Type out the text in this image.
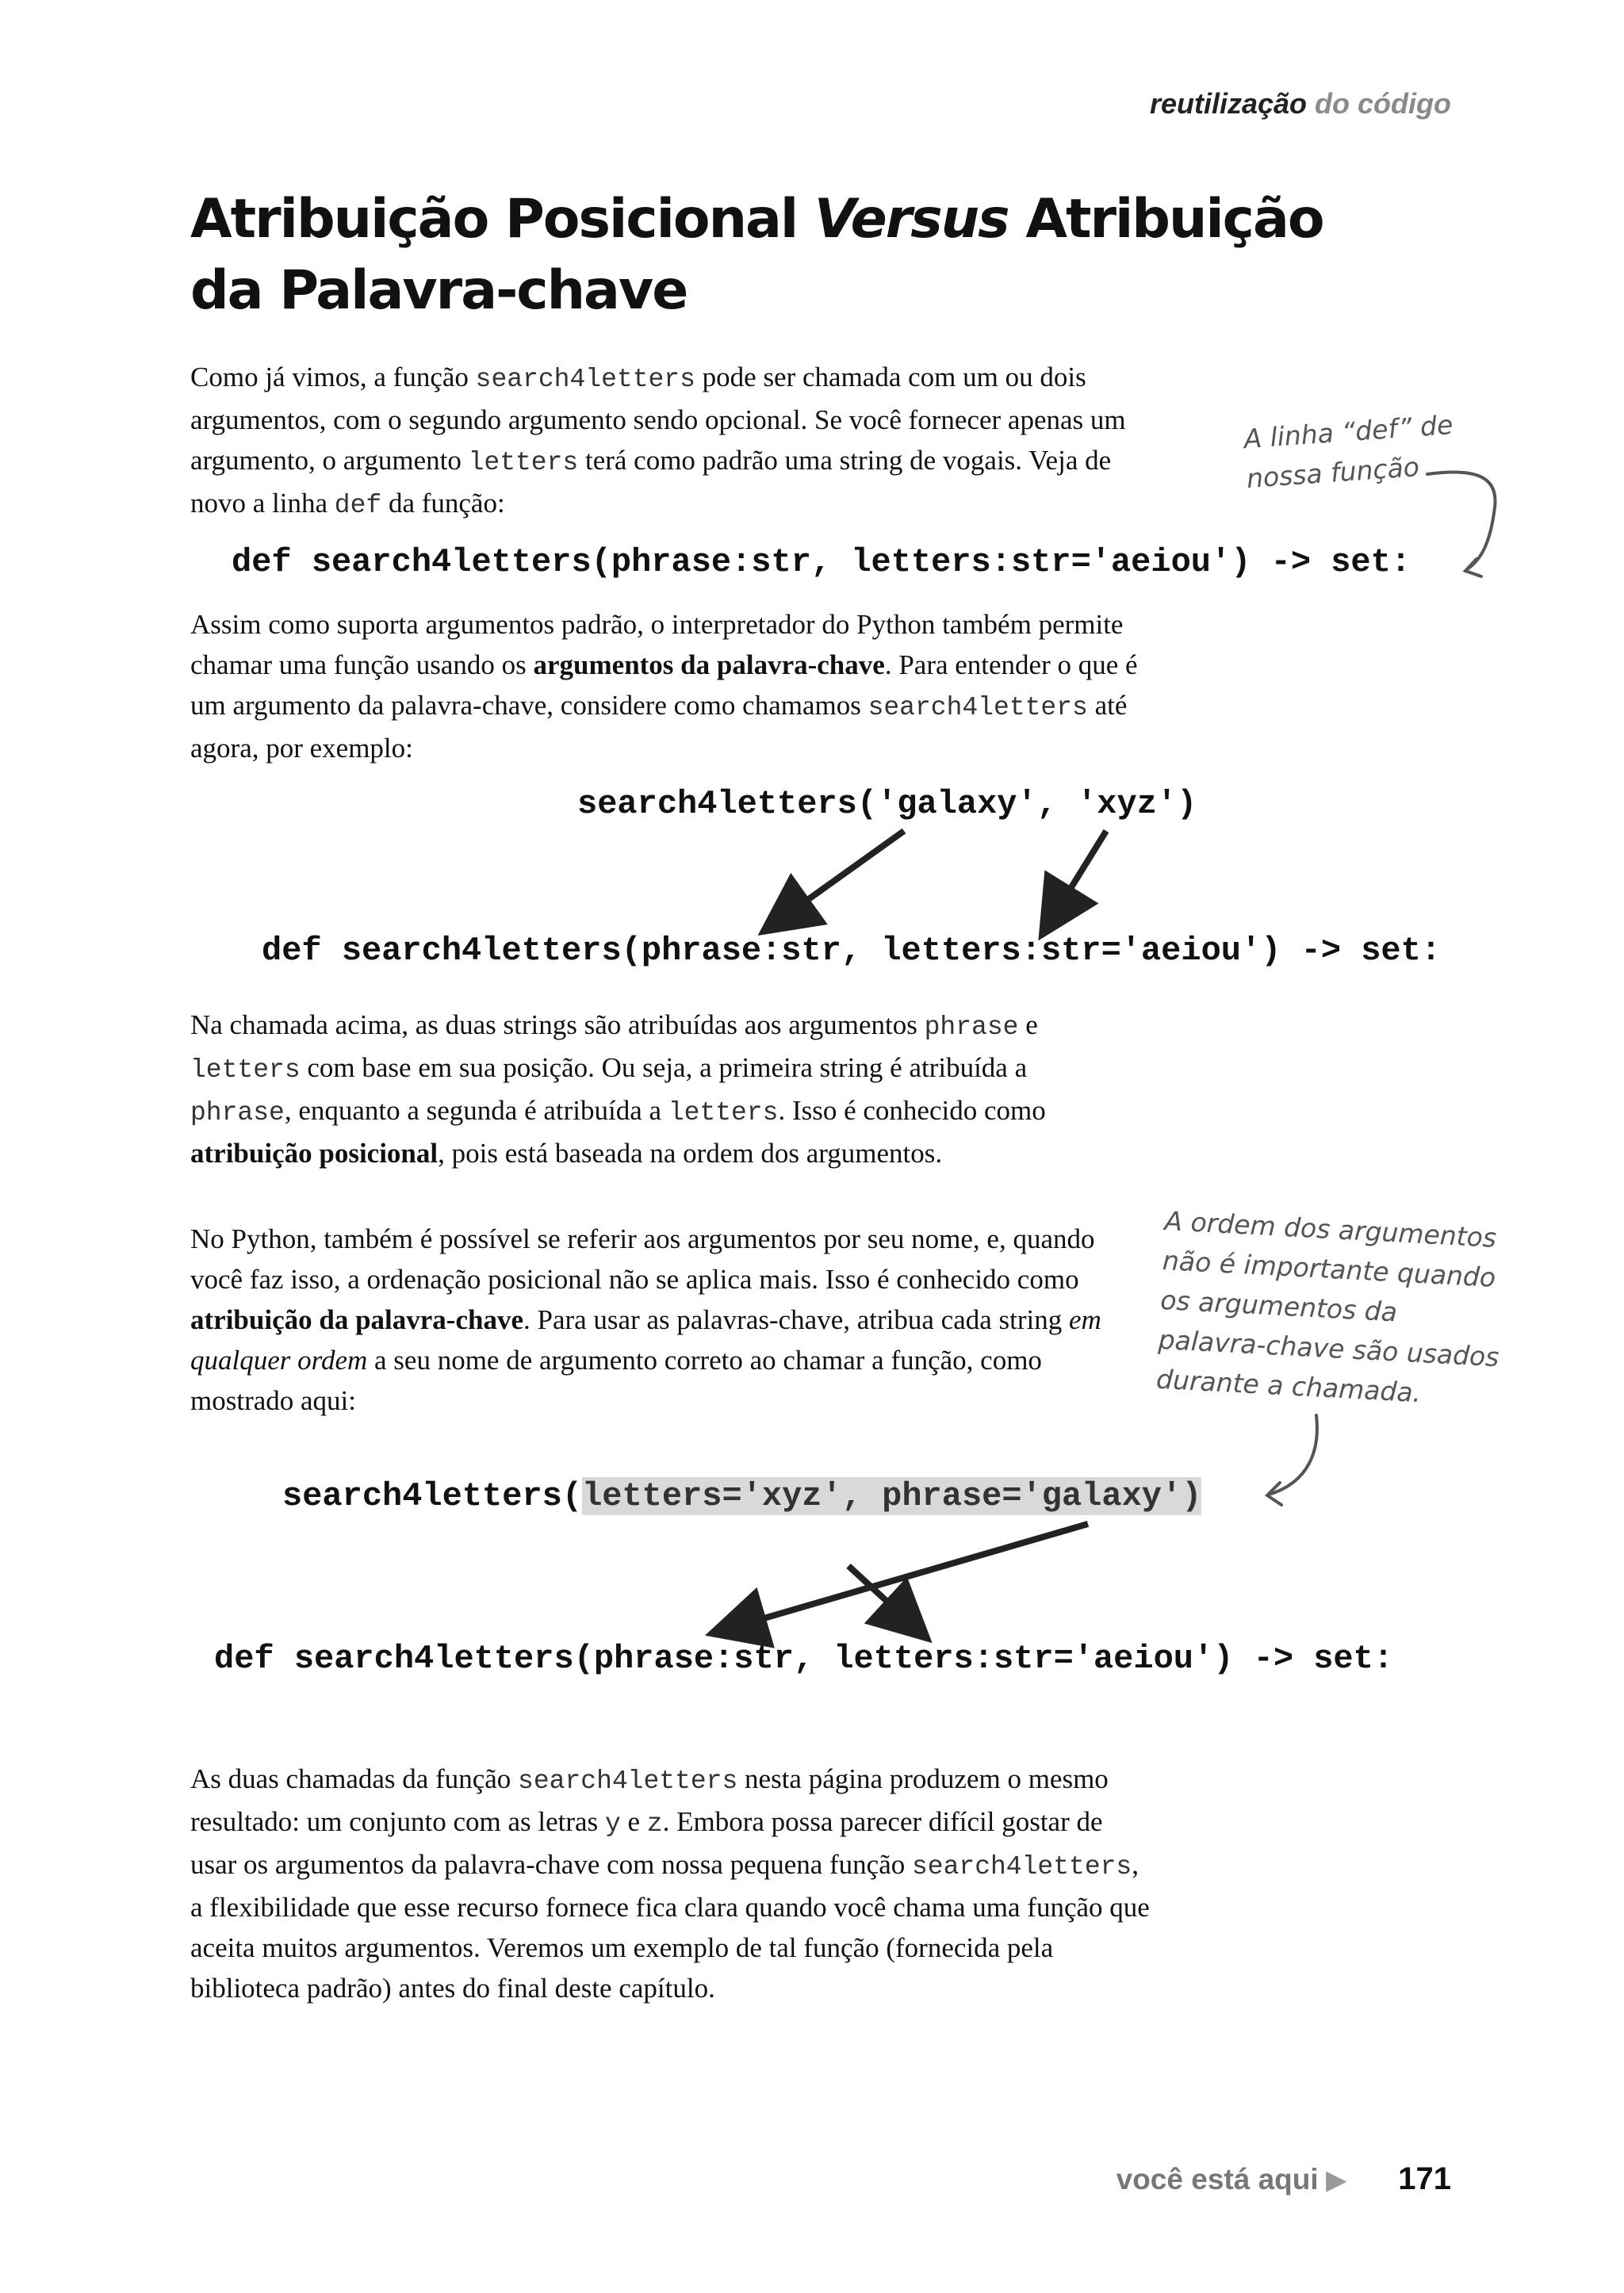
reutilização do código
Atribuição Posicional Versus Atribuição
da Palavra-chave
Como já vimos, a função search4letters pode ser chamada com um ou dois argumentos, com o segundo argumento sendo opcional. Se você fornecer apenas um argumento, o argumento letters terá como padrão uma string de vogais. Veja de novo a linha def da função:
A linha “def” de
nossa função
def search4letters(phrase:str, letters:str='aeiou') -> set:
Assim como suporta argumentos padrão, o interpretador do Python também permite chamar uma função usando os argumentos da palavra-chave. Para entender o que é um argumento da palavra-chave, considere como chamamos search4letters até agora, por exemplo:
search4letters('galaxy', 'xyz')
def search4letters(phrase:str, letters:str='aeiou') -> set:
Na chamada acima, as duas strings são atribuídas aos argumentos phrase e letters com base em sua posição. Ou seja, a primeira string é atribuída a phrase, enquanto a segunda é atribuída a letters. Isso é conhecido como atribuição posicional, pois está baseada na ordem dos argumentos.
No Python, também é possível se referir aos argumentos por seu nome, e, quando você faz isso, a ordenação posicional não se aplica mais. Isso é conhecido como atribuição da palavra-chave. Para usar as palavras-chave, atribua cada string em qualquer ordem a seu nome de argumento correto ao chamar a função, como mostrado aqui:
A ordem dos argumentos
não é importante quando
os argumentos da
palavra-chave são usados
durante a chamada.
search4letters(letters='xyz', phrase='galaxy')
def search4letters(phrase:str, letters:str='aeiou') -> set:
As duas chamadas da função search4letters nesta página produzem o mesmo resultado: um conjunto com as letras y e z. Embora possa parecer difícil gostar de usar os argumentos da palavra-chave com nossa pequena função search4letters, a flexibilidade que esse recurso fornece fica clara quando você chama uma função que aceita muitos argumentos. Veremos um exemplo de tal função (fornecida pela biblioteca padrão) antes do final deste capítulo.
você está aqui ▶ 171
